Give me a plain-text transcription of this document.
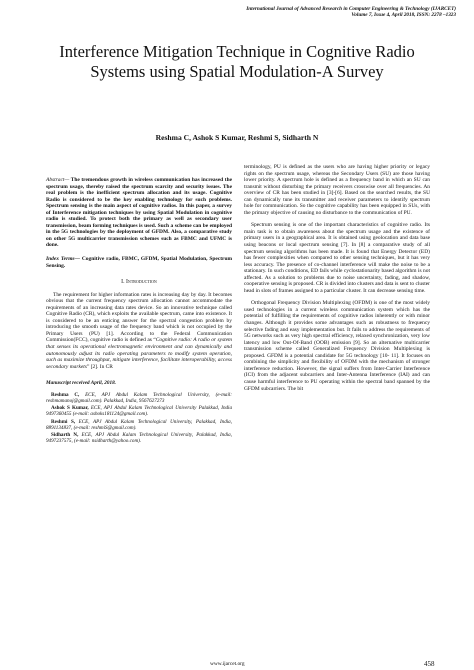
International Journal of Advanced Research in Computer Engineering & Technology (IJARCET)
Volume 7, Issue 4, April 2018, ISSN: 2278 –1323
Interference Mitigation Technique in Cognitive Radio Systems using Spatial Modulation-A Survey
Reshma C, Ashok S Kumar, Reshmi S, Sidharth N

Abstract— The tremendous growth in wireless communication has increased the spectrum usage, thereby raised the spectrum scarcity and security issues. The real problem is the inefficient spectrum allocation and its usage. Cognitive Radio is considered to be the key enabling technology for such problems. Spectrum sensing is the main aspect of cognitive radios. In this paper, a survey of Interference mitigation techniques by using Spatial Modulation in cognitive radio is studied. To protect both the primary as well as secondary user transmission, beam forming techniques is used. Such a scheme can be employed in the 5G technologies by the deployment of GFDM. Also, a comparative study on other 5G multicarrier transmission schemes such as FBMC and UFMC is done.

Index Terms— Cognitive radio, FBMC, GFDM, Spatial Modulation, Spectrum Sensing.

I. Introduction

The requirement for higher information rates is increasing day by day. It becomes obvious that the current frequency spectrum allocation cannot accommodate the requirements of an increasing data rates device. So an innovative technique called Cognitive Radio (CR), which exploits the available spectrum, came into existence. It is considered to be an enticing answer for the spectral congestion problem by introducing the smooth usage of the frequency band which is not occupied by the Primary Users (PU) [1]. According to the Federal Communication Commission(FCC), cognitive radio is defined as “Cognitive radio: A radio or system that senses its operational electromagnetic environment and can dynamically and autonomously adjust its radio operating parameters to modify system operation, such as maximize throughput, mitigate interference, facilitate interoperability, access secondary markets” [2]. In CR

Manuscript received April, 2018.

Reshma C, ECE, APJ Abdul Kalam Technological University, (e-mail: reshmamanoj@gmail.com). Palakkad, India, 9567627273

Ashok S Kumar, ECE, APJ Abdul Kalam Technological University Palakkad, India 9497360455 (e-mail: ashoks181124@gmail.com).

Reshmi S, ECE, APJ Abdul Kalam Technological University, Palakkad, India, 8891134837, (e-mail: reshmiS@gmail.com).

Sidharth N, ECE, APJ Abdul Kalam Technological University, Palakkad, India, 9497237575, (e-mail: nsidharth@yahoo.com).

terminology, PU is defined as the users who are having higher priority or legacy rights on the spectrum usage, whereas the Secondary Users (SU) are those having lower priority. A spectrum hole is defined as a frequency band in which an SU can transmit without disturbing the primary receivers crosswise over all frequencies. An overview of CR has been studied in [3]-[6]. Based on the searched results, the SU can dynamically tune its transmitter and receiver parameters to identify spectrum hole for communication. So the cognitive capability has been equipped in SUs, with the primary objective of causing no disturbance to the communication of PU.

Spectrum sensing is one of the important characteristics of cognitive radio. Its main task is to obtain awareness about the spectrum usage and the existence of primary users in a geographical area. It is obtained using geolocation and data base using beacons or local spectrum sensing [7]. In [8] a comparative study of all spectrum sensing algorithms has been made. It is found that Energy Detector (ED) has fewer complexities when compared to other sensing techniques, but it has very less accuracy. The presence of co-channel interference will make the noise to be a stationary. In such conditions, ED fails while cyclostationarity based algorithm is not affected. As a solution to problems due to noise uncertainty, fading, and shadow, cooperative sensing is proposed. CR is divided into clusters and data is sent to cluster head in slots of frames assigned to a particular cluster. It can decrease sensing time.

Orthogonal Frequency Division Multiplexing (OFDM) is one of the most widely used technologies in a current wireless communication system which has the potential of fulfilling the requirements of cognitive radios inherently or with minor changes. Although it provides some advantages such as robustness to frequency selective fading and easy implementation but. It fails to address the requirements of 5G networks such as very high spectral efficiency, relaxed synchronization, very low latency and low Out-Of-Band (OOB) emission [9]. So an alternative multicarrier transmission scheme called Generalized Frequency Division Multiplexing is proposed. GFDM is a potential candidate for 5G technology [10- 11]. It focuses on combining the simplicity and flexibility of OFDM with the mechanism of stronger interference reduction. However, the signal suffers from Inter-Carrier Interference (ICI) from the adjacent subcarriers and Inter-Antenna Interference (IAI) and can cause harmful interference to PU operating within the spectral band spanned by the GFDM subcarriers. The bit

www.ijarcet.org	458
